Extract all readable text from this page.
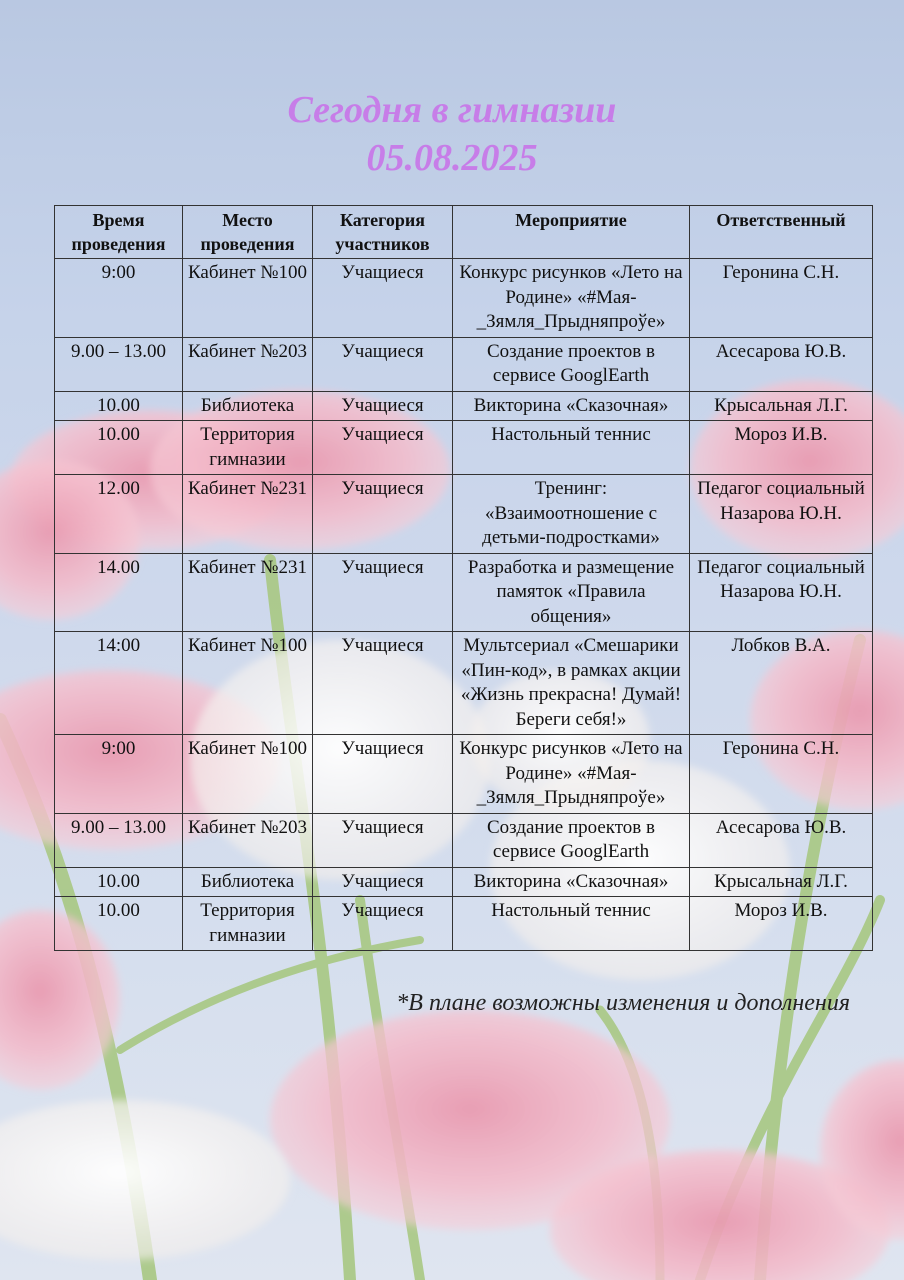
Сегодня в гимназии
05.08.2025
Время проведения	Место проведения	Категория участников	Мероприятие	Ответственный
9:00	Кабинет №100	Учащиеся	Конкурс рисунков «Лето на Родине» «#Мая-_Зямля_Прыдняпроўе»	Геронина С.Н.
9.00 – 13.00	Кабинет №203	Учащиеся	Создание проектов в сервисе GooglEarth	Асесарова Ю.В.
10.00	Библиотека	Учащиеся	Викторина «Сказочная»	Крысальная Л.Г.
10.00	Территория гимназии	Учащиеся	Настольный теннис	Мороз И.В.
12.00	Кабинет №231	Учащиеся	Тренинг: «Взаимоотношение с детьми-подростками»	Педагог социальный Назарова Ю.Н.
14.00	Кабинет №231	Учащиеся	Разработка и размещение памяток «Правила общения»	Педагог социальный Назарова Ю.Н.
14:00	Кабинет №100	Учащиеся	Мультсериал «Смешарики «Пин-код», в рамках акции «Жизнь прекрасна! Думай! Береги себя!»	Лобков В.А.
9:00	Кабинет №100	Учащиеся	Конкурс рисунков «Лето на Родине» «#Мая-_Зямля_Прыдняпроўе»	Геронина С.Н.
9.00 – 13.00	Кабинет №203	Учащиеся	Создание проектов в сервисе GooglEarth	Асесарова Ю.В.
10.00	Библиотека	Учащиеся	Викторина «Сказочная»	Крысальная Л.Г.
10.00	Территория гимназии	Учащиеся	Настольный теннис	Мороз И.В.
*В плане возможны изменения и дополнения
